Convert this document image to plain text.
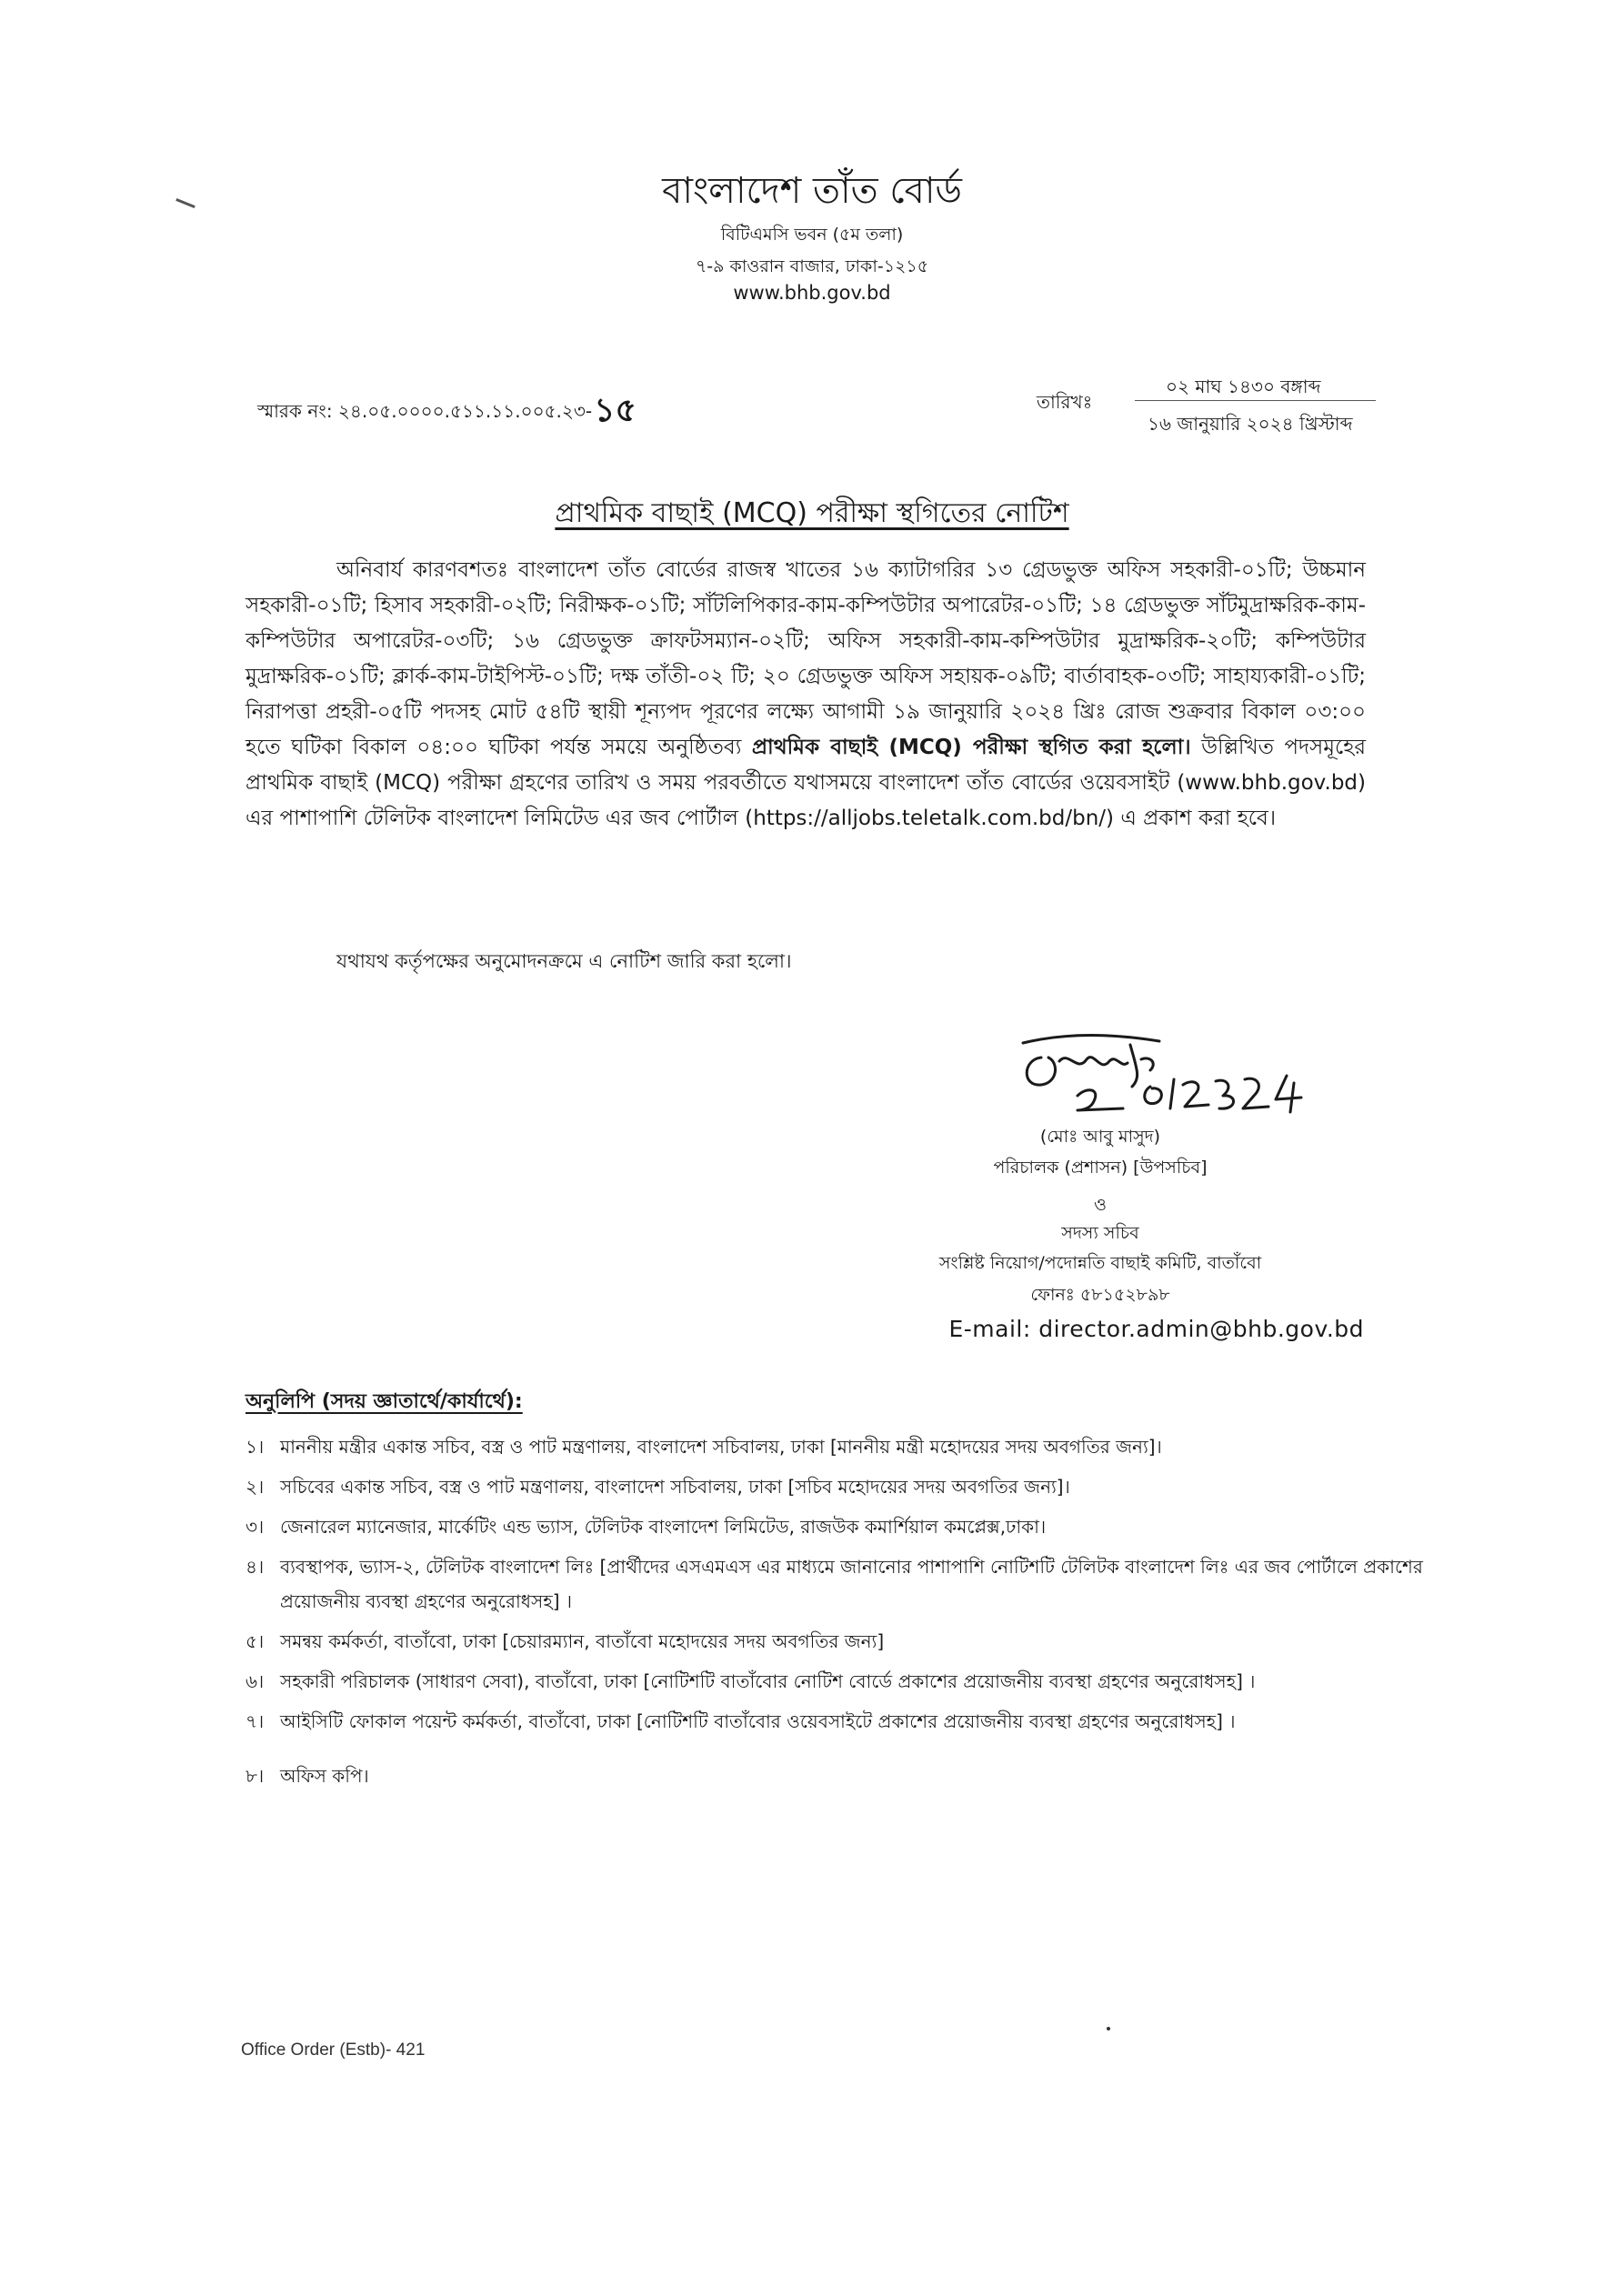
বাংলাদেশ তাঁত বোর্ড
বিটিএমসি ভবন (৫ম তলা)
৭-৯ কাওরান বাজার, ঢাকা-১২১৫
www.bhb.gov.bd
স্মারক নং: ২৪.০৫.০০০০.৫১১.১১.০০৫.২৩-১৫	তারিখঃ
০২ মাঘ ১৪৩০ বঙ্গাব্দ
১৬ জানুয়ারি ২০২৪ খ্রিস্টাব্দ
প্রাথমিক বাছাই (MCQ) পরীক্ষা স্থগিতের নোটিশ
অনিবার্য কারণবশতঃ বাংলাদেশ তাঁত বোর্ডের রাজস্ব খাতের ১৬ ক্যাটাগরির ১৩ গ্রেডভুক্ত অফিস সহকারী-০১টি; উচ্চমান সহকারী-০১টি; হিসাব সহকারী-০২টি; নিরীক্ষক-০১টি; সাঁটলিপিকার-কাম-কম্পিউটার অপারেটর-০১টি; ১৪ গ্রেডভুক্ত সাঁটমুদ্রাক্ষরিক-কাম-কম্পিউটার অপারেটর-০৩টি; ১৬ গ্রেডভুক্ত ক্রাফটসম্যান-০২টি; অফিস সহকারী-কাম-কম্পিউটার মুদ্রাক্ষরিক-২০টি; কম্পিউটার মুদ্রাক্ষরিক-০১টি; ক্লার্ক-কাম-টাইপিস্ট-০১টি; দক্ষ তাঁতী-০২ টি; ২০ গ্রেডভুক্ত অফিস সহায়ক-০৯টি; বার্তাবাহক-০৩টি; সাহায্যকারী-০১টি; নিরাপত্তা প্রহরী-০৫টি পদসহ মোট ৫৪টি স্থায়ী শূন্যপদ পূরণের লক্ষ্যে আগামী ১৯ জানুয়ারি ২০২৪ খ্রিঃ রোজ শুক্রবার বিকাল ০৩:০০ হতে ঘটিকা বিকাল ০৪:০০ ঘটিকা পর্যন্ত সময়ে অনুষ্ঠিতব্য প্রাথমিক বাছাই (MCQ) পরীক্ষা স্থগিত করা হলো। উল্লিখিত পদসমূহের প্রাথমিক বাছাই (MCQ) পরীক্ষা গ্রহণের তারিখ ও সময় পরবর্তীতে যথাসময়ে বাংলাদেশ তাঁত বোর্ডের ওয়েবসাইট (www.bhb.gov.bd) এর পাশাপাশি টেলিটক বাংলাদেশ লিমিটেড এর জব পোর্টাল (https://alljobs.teletalk.com.bd/bn/) এ প্রকাশ করা হবে।
যথাযথ কর্তৃপক্ষের অনুমোদনক্রমে এ নোটিশ জারি করা হলো।
(মোঃ আবু মাসুদ)
পরিচালক (প্রশাসন) [উপসচিব]
ও
সদস্য সচিব
সংশ্লিষ্ট নিয়োগ/পদোন্নতি বাছাই কমিটি, বাতাঁবো
ফোনঃ ৫৮১৫২৮৯৮
E-mail: director.admin@bhb.gov.bd
অনুলিপি (সদয় জ্ঞাতার্থে/কার্যার্থে):
১। মাননীয় মন্ত্রীর একান্ত সচিব, বস্ত্র ও পাট মন্ত্রণালয়, বাংলাদেশ সচিবালয়, ঢাকা [মাননীয় মন্ত্রী মহোদয়ের সদয় অবগতির জন্য]।
২। সচিবের একান্ত সচিব, বস্ত্র ও পাট মন্ত্রণালয়, বাংলাদেশ সচিবালয়, ঢাকা [সচিব মহোদয়ের সদয় অবগতির জন্য]।
৩। জেনারেল ম্যানেজার, মার্কেটিং এন্ড ভ্যাস, টেলিটক বাংলাদেশ লিমিটেড, রাজউক কমার্শিয়াল কমপ্লেক্স,ঢাকা।
৪। ব্যবস্থাপক, ভ্যাস-২, টেলিটক বাংলাদেশ লিঃ [প্রার্থীদের এসএমএস এর মাধ্যমে জানানোর পাশাপাশি নোটিশটি টেলিটক বাংলাদেশ লিঃ এর জব পোর্টালে প্রকাশের প্রয়োজনীয় ব্যবস্থা গ্রহণের অনুরোধসহ] ।
৫। সমন্বয় কর্মকর্তা, বাতাঁবো, ঢাকা [চেয়ারম্যান, বাতাঁবো মহোদয়ের সদয় অবগতির জন্য]
৬। সহকারী পরিচালক (সাধারণ সেবা), বাতাঁবো, ঢাকা [নোটিশটি বাতাঁবোর নোটিশ বোর্ডে প্রকাশের প্রয়োজনীয় ব্যবস্থা গ্রহণের অনুরোধসহ] ।
৭। আইসিটি ফোকাল পয়েন্ট কর্মকর্তা, বাতাঁবো, ঢাকা [নোটিশটি বাতাঁবোর ওয়েবসাইটে প্রকাশের প্রয়োজনীয় ব্যবস্থা গ্রহণের অনুরোধসহ] ।
৮। অফিস কপি।
Office Order (Estb)- 421
